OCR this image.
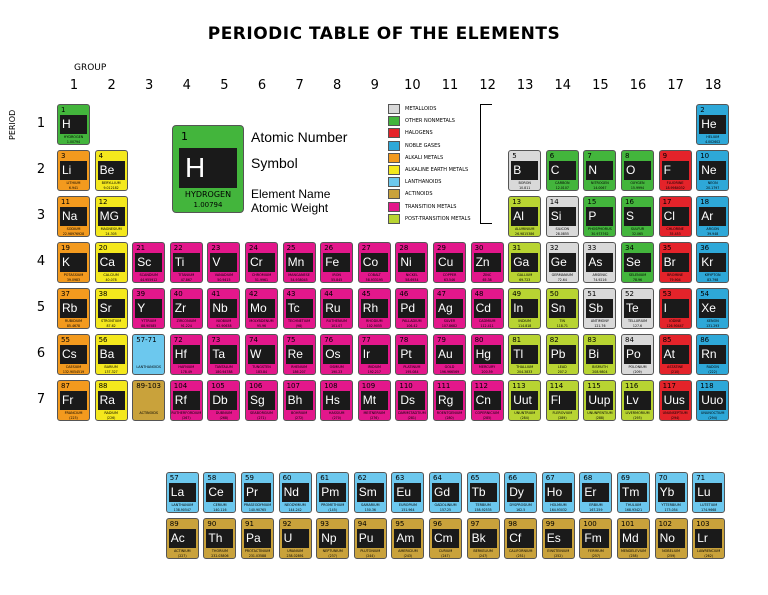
PERIODIC TABLE OF THE ELEMENTS
GROUP
PERIOD
1	2	3	4	5	6	7	8	9	10	11	12	13	14	15	16	17	18
1
2
3
4
5
6
7
1
H
HYDROGEN
1.00794
2
He
HELIUM
4.002602
3
Li
LITHIUM
6.941
4
Be
BERYLLIUM
9.012182
5
B
BORON
10.811
6
C
CARBON
12.0107
7
N
NITROGEN
14.0067
8
O
OXYGEN
15.9994
9
F
FLUORINE
18.9984032
10
Ne
NEON
20.1797
11
Na
SODIUM
22.98976928
12
MG
MAGNESIUM
24.305
13
Al
ALUMINIUM
26.9815386
14
Si
SILICON
28.0855
15
P
PHOSPHORUS
30.973762
16
S
SULFUR
32.065
17
Cl
CHLORINE
35.453
18
Ar
ARGON
39.948
19
K
POTASSIUM
39.0983
20
Ca
CALCIUM
40.078
21
Sc
SCANDIUM
44.955912
22
Ti
TITANIUM
47.867
23
V
VANADIUM
50.9415
24
Cr
CHROMIUM
51.9961
25
Mn
MANGANESE
54.938045
26
Fe
IRON
55.845
27
Co
COBALT
58.933195
28
Ni
NICKEL
58.6934
29
Cu
COPPER
63.546
30
Zn
ZINC
65.38
31
Ga
GALLIUM
69.723
32
Ge
GERMANIUM
72.64
33
As
ARSENIC
74.9216
34
Se
SELENIUM
78.96
35
Br
BROMINE
79.904
36
Kr
KRYPTON
83.798
37
Rb
RUBIDIUM
85.4678
38
Sr
STRONTIUM
87.62
39
Y
YTTRIUM
88.90585
40
Zr
ZIRCONIUM
91.224
41
Nb
NIOBIUM
92.90638
42
Mo
MOLYBDENUM
95.96
43
Tc
TECHNETIUM
(98)
44
Ru
RUTHENIUM
101.07
45
Rh
RHODIUM
102.9055
46
Pd
PALLADIUM
106.42
47
Ag
SILVER
107.8682
48
Cd
CADMIUM
112.411
49
In
INDIUM
114.818
50
Sn
TIN
118.71
51
Sb
ANTIMONY
121.76
52
Te
TELLURIUM
127.6
53
I
IODINE
126.90447
54
Xe
XENON
131.293
55
Cs
CAESIUM
132.9054519
56
Ba
BARIUM
137.327
57-71
LANTHANOIDS
72
Hf
HAFNIUM
178.49
73
Ta
TANTALUM
180.94788
74
W
TUNGSTEN
183.84
75
Re
RHENIUM
186.207
76
Os
OSMIUM
190.23
77
Ir
IRIDIUM
192.217
78
Pt
PLATINUM
195.084
79
Au
GOLD
196.966569
80
Hg
MERCURY
200.59
81
Tl
THALLIUM
204.3833
82
Pb
LEAD
207.2
83
Bi
BISMUTH
208.9804
84
Po
POLONIUM
(209)
85
At
ASTATINE
(210)
86
Rn
RADON
(222)
87
Fr
FRANCIUM
(223)
88
Ra
RADIUM
(226)
89-103
ACTINOIDS
104
Rf
RUTHERFORDIUM
(267)
105
Db
DUBNIUM
(268)
106
Sg
SEABORGIUM
(271)
107
Bh
BOHRIUM
(272)
108
Hs
HASSIUM
(270)
109
Mt
MEITNERIUM
(276)
110
Ds
DARMSTADTIUM
(281)
111
Rg
ROENTGENIUM
(280)
112
Cn
COPERNICIUM
(285)
113
Uut
UNUNTRIUM
(284)
114
Fl
FLEROVIUM
(289)
115
Uup
UNUNPENTIUM
(288)
116
Lv
LIVERMORIUM
(293)
117
Uus
UNUNSEPTIUM
(294)
118
Uuo
UNUNOCTIUM
(294)
1
H
HYDROGEN
1.00794
Atomic Number
Symbol
Element Name
Atomic Weight
METALLOIDS
OTHER NONMETALS
HALOGENS
NOBLE GASES
ALKALI METALS
ALKALINE EARTH METALS
LANTHANOIDS
ACTINOIDS
TRANSITION METALS
POST-TRANSITION METALS
57
La
LANTHANUM
138.90547
58
Ce
CERIUM
140.116
59
Pr
PRASEODYMIUM
140.90765
60
Nd
NEODYMIUM
144.242
61
Pm
PROMETHIUM
(145)
62
Sm
SAMARIUM
150.36
63
Eu
EUROPIUM
151.964
64
Gd
GADOLINIUM
157.25
65
Tb
TERBIUM
158.92535
66
Dy
DYSPROSIUM
162.5
67
Ho
HOLMIUM
164.93032
68
Er
ERBIUM
167.259
69
Tm
THULIUM
168.93421
70
Yb
YTTERBIUM
173.054
71
Lu
LUTETIUM
174.9668
89
Ac
ACTINIUM
(227)
90
Th
THORIUM
232.03806
91
Pa
PROTACTINIUM
231.03588
92
U
URANIUM
238.02891
93
Np
NEPTUNIUM
(237)
94
Pu
PLUTONIUM
(244)
95
Am
AMERICIUM
(243)
96
Cm
CURIUM
(247)
97
Bk
BERKELIUM
(247)
98
Cf
CALIFORNIUM
(251)
99
Es
EINSTEINIUM
(252)
100
Fm
FERMIUM
(257)
101
Md
MENDELEVIUM
(258)
102
No
NOBELIUM
(259)
103
Lr
LAWRENCIUM
(262)
